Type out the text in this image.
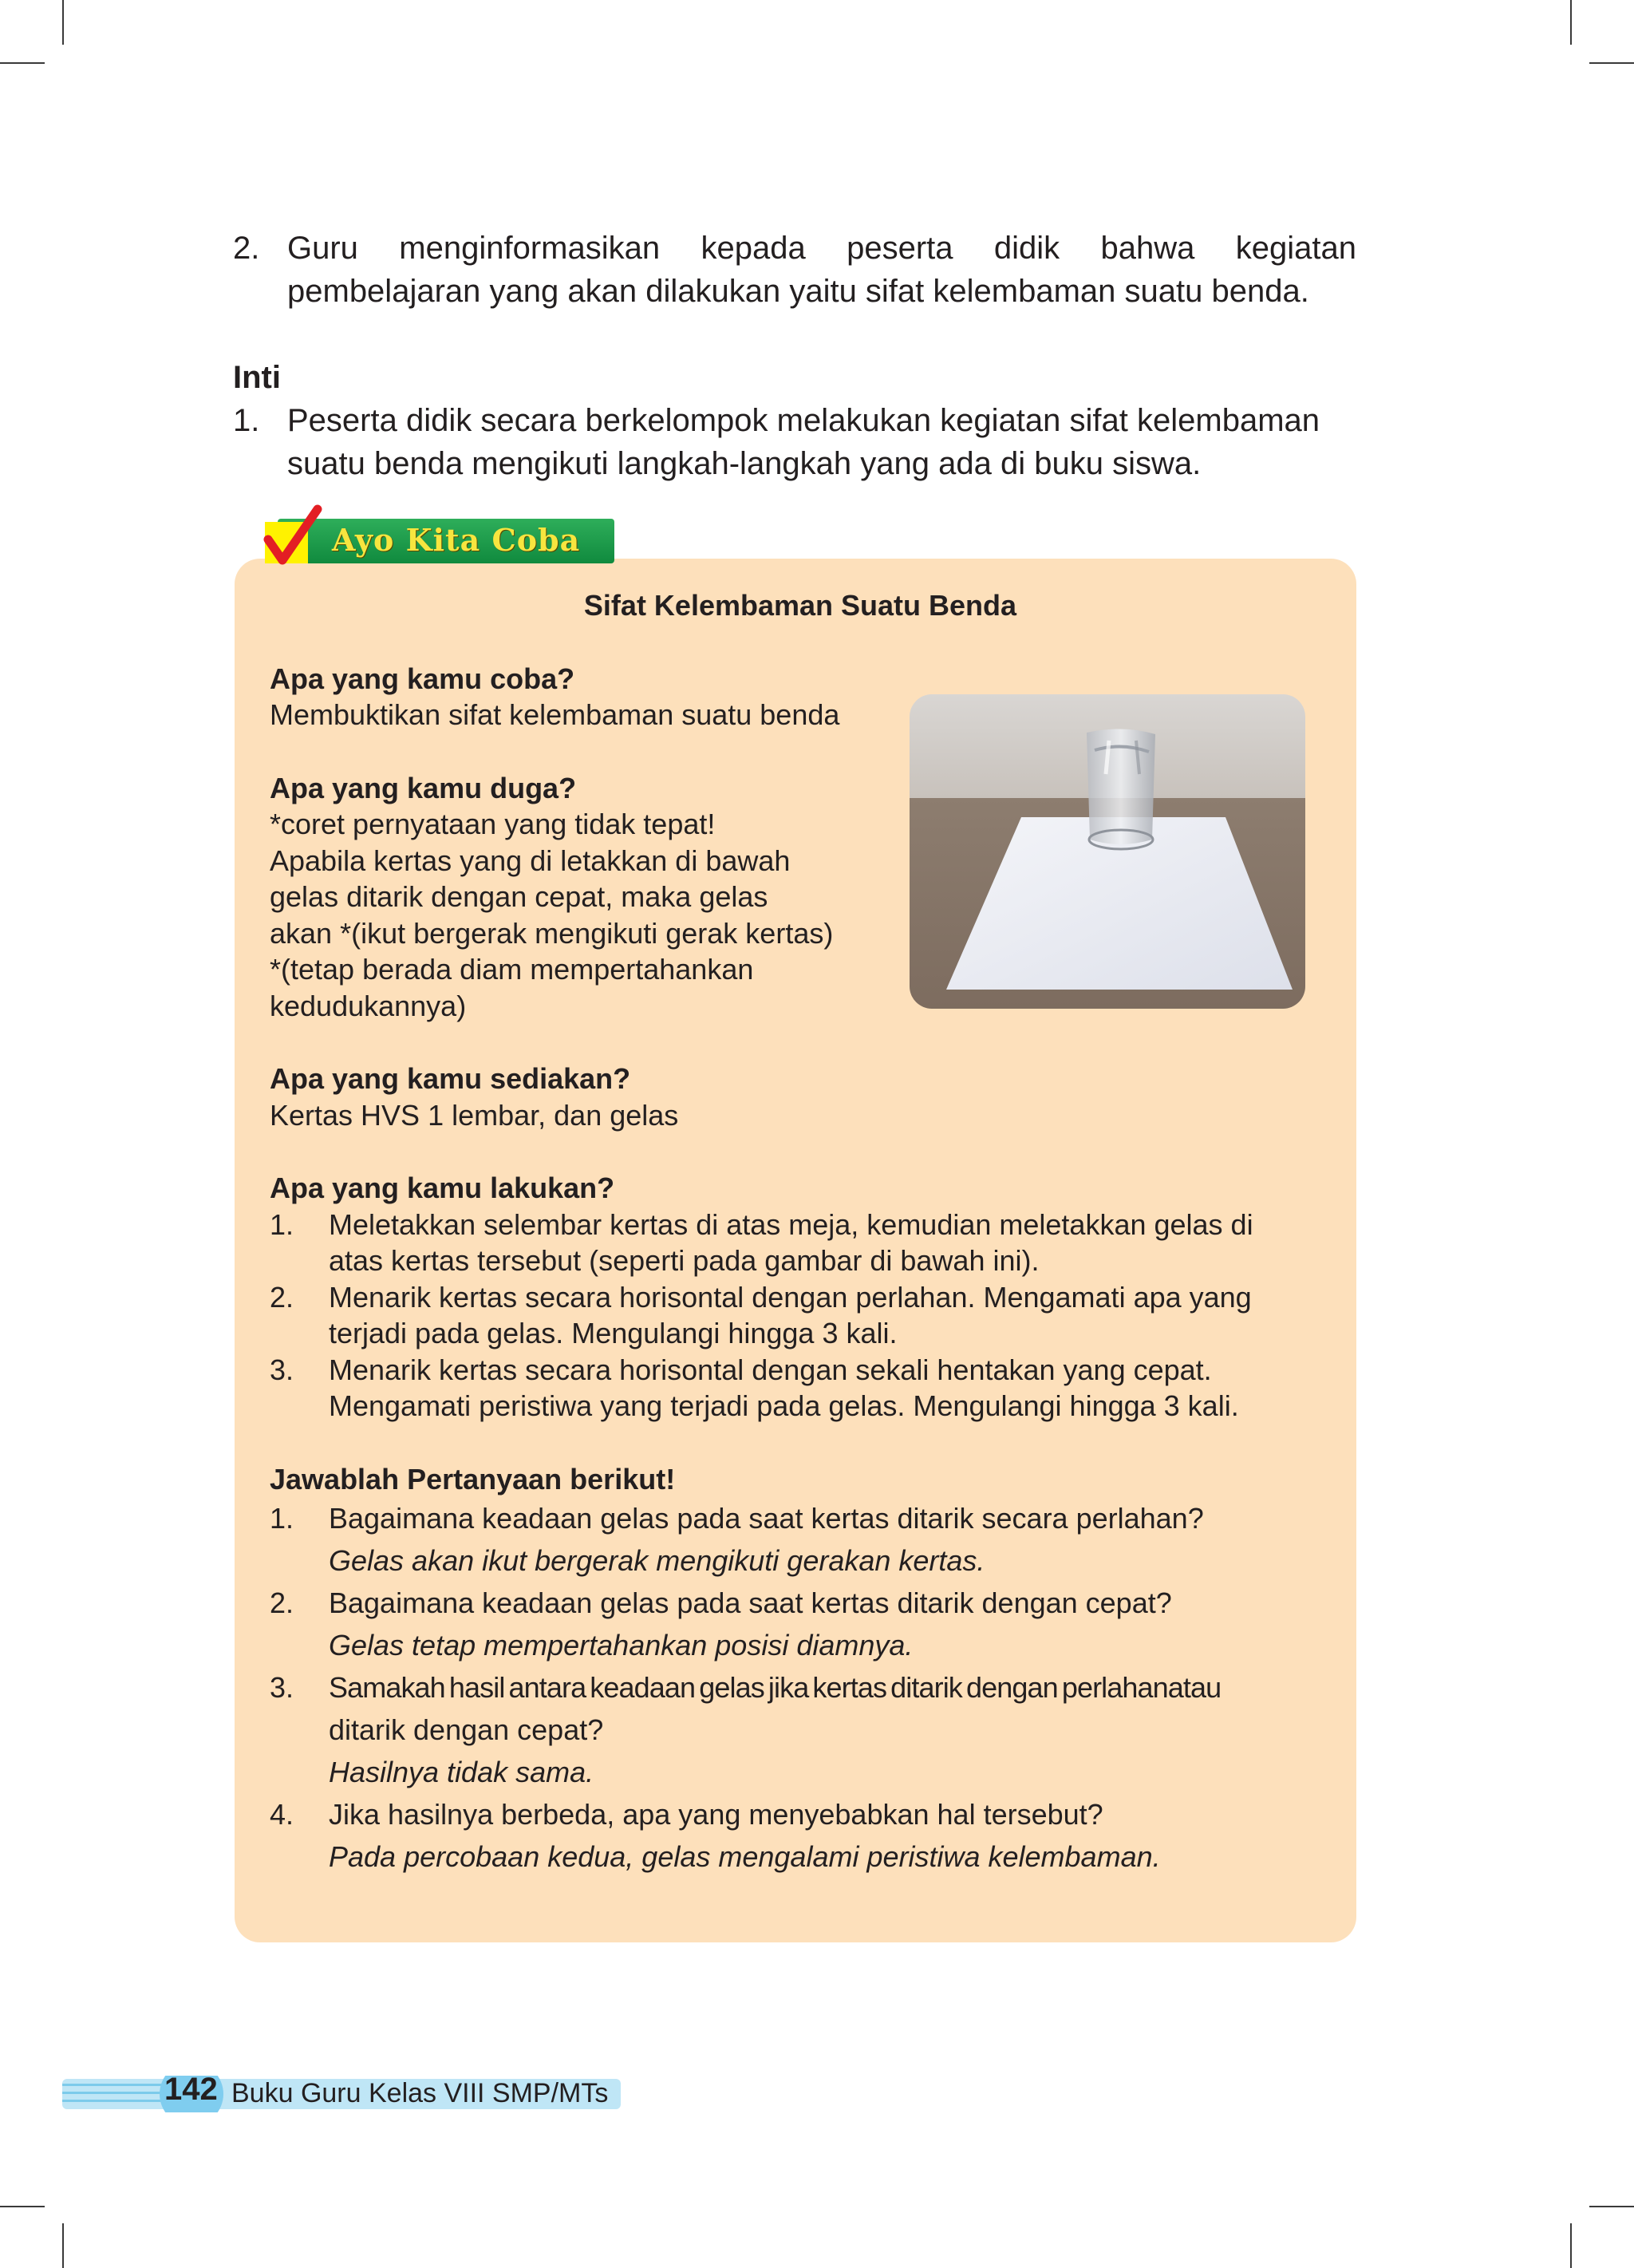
2. Guru menginformasikan kepada peserta didik bahwa kegiatan
pembelajaran yang akan dilakukan yaitu sifat kelembaman suatu benda.
Inti
1. Peserta didik secara berkelompok melakukan kegiatan sifat kelembaman
suatu benda mengikuti langkah-langkah yang ada di buku siswa.
Sifat Kelembaman Suatu Benda
Apa yang kamu coba?
Membuktikan sifat kelembaman suatu benda
Apa yang kamu duga?
*coret pernyataan yang tidak tepat!
Apabila kertas yang di letakkan di bawah
gelas ditarik dengan cepat, maka gelas
akan *(ikut bergerak mengikuti gerak kertas)
*(tetap berada diam mempertahankan
kedudukannya)
Apa yang kamu sediakan?
Kertas HVS 1 lembar, dan gelas
Apa yang kamu lakukan?
1. Meletakkan selembar kertas di atas meja, kemudian meletakkan gelas di
atas kertas tersebut (seperti pada gambar di bawah ini).
2. Menarik kertas secara horisontal dengan perlahan. Mengamati apa yang
terjadi pada gelas. Mengulangi hingga 3 kali.
3. Menarik kertas secara horisontal dengan sekali hentakan yang cepat.
Mengamati peristiwa yang terjadi pada gelas. Mengulangi hingga 3 kali.
Jawablah Pertanyaan berikut!
1. Bagaimana keadaan gelas pada saat kertas ditarik secara perlahan?
Gelas akan ikut bergerak mengikuti gerakan kertas.
2. Bagaimana keadaan gelas pada saat kertas ditarik dengan cepat?
Gelas tetap mempertahankan posisi diamnya.
3. Samakah hasil antara keadaan gelas jika kertas ditarik dengan perlahanatau
ditarik dengan cepat?
Hasilnya tidak sama.
4. Jika hasilnya berbeda, apa yang menyebabkan hal tersebut?
Pada percobaan kedua, gelas mengalami peristiwa kelembaman.
Ayo Kita Coba
142 Buku Guru Kelas VIII SMP/MTs
